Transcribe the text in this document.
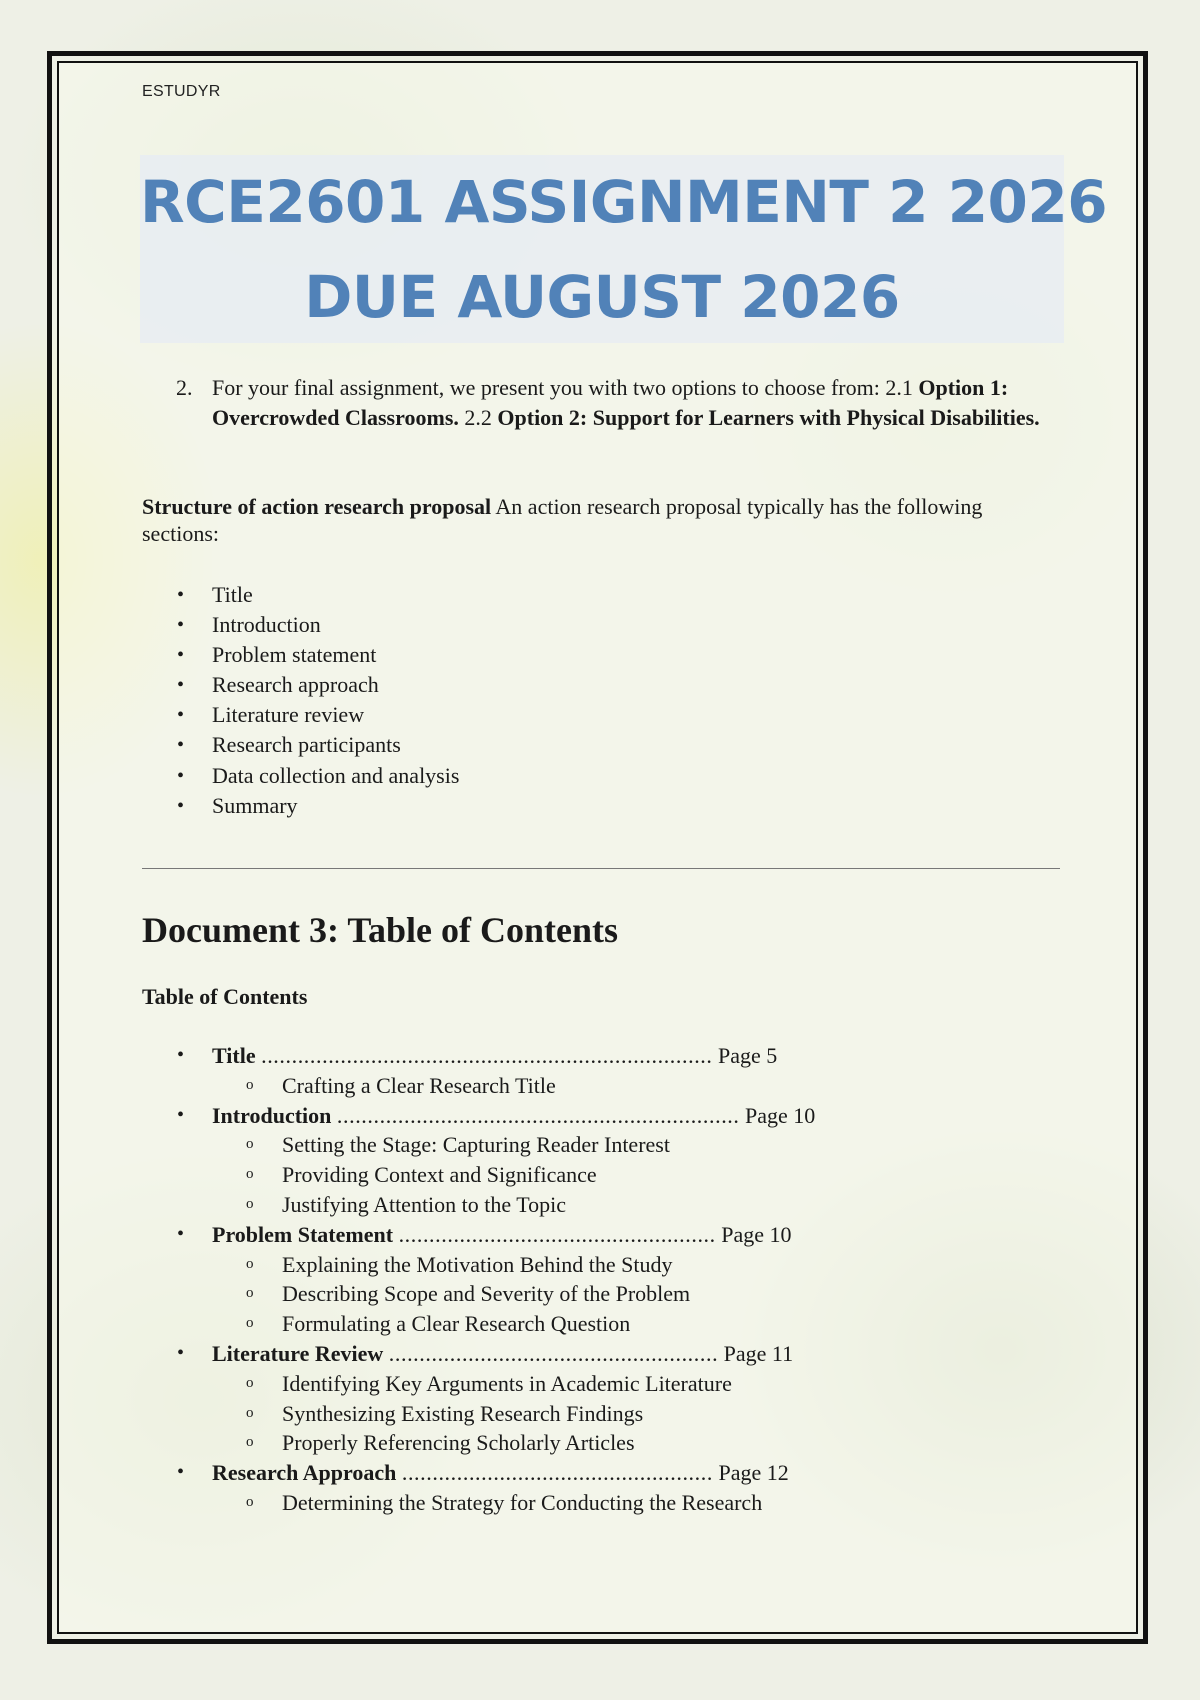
ESTUDYR
RCE2601 ASSIGNMENT 2 2026
DUE AUGUST 2026
2. For your final assignment, we present you with two options to choose from: 2.1 Option 1: Overcrowded Classrooms. 2.2 Option 2: Support for Learners with Physical Disabilities.
Structure of action research proposal An action research proposal typically has the following sections:
• Title
• Introduction
• Problem statement
• Research approach
• Literature review
• Research participants
• Data collection and analysis
• Summary
Document 3: Table of Contents
Table of Contents
• Title .......................................................................... Page 5
o Crafting a Clear Research Title
• Introduction .................................................................. Page 10
o Setting the Stage: Capturing Reader Interest
o Providing Context and Significance
o Justifying Attention to the Topic
• Problem Statement .................................................... Page 10
o Explaining the Motivation Behind the Study
o Describing Scope and Severity of the Problem
o Formulating a Clear Research Question
• Literature Review ...................................................... Page 11
o Identifying Key Arguments in Academic Literature
o Synthesizing Existing Research Findings
o Properly Referencing Scholarly Articles
• Research Approach ................................................... Page 12
o Determining the Strategy for Conducting the Research
